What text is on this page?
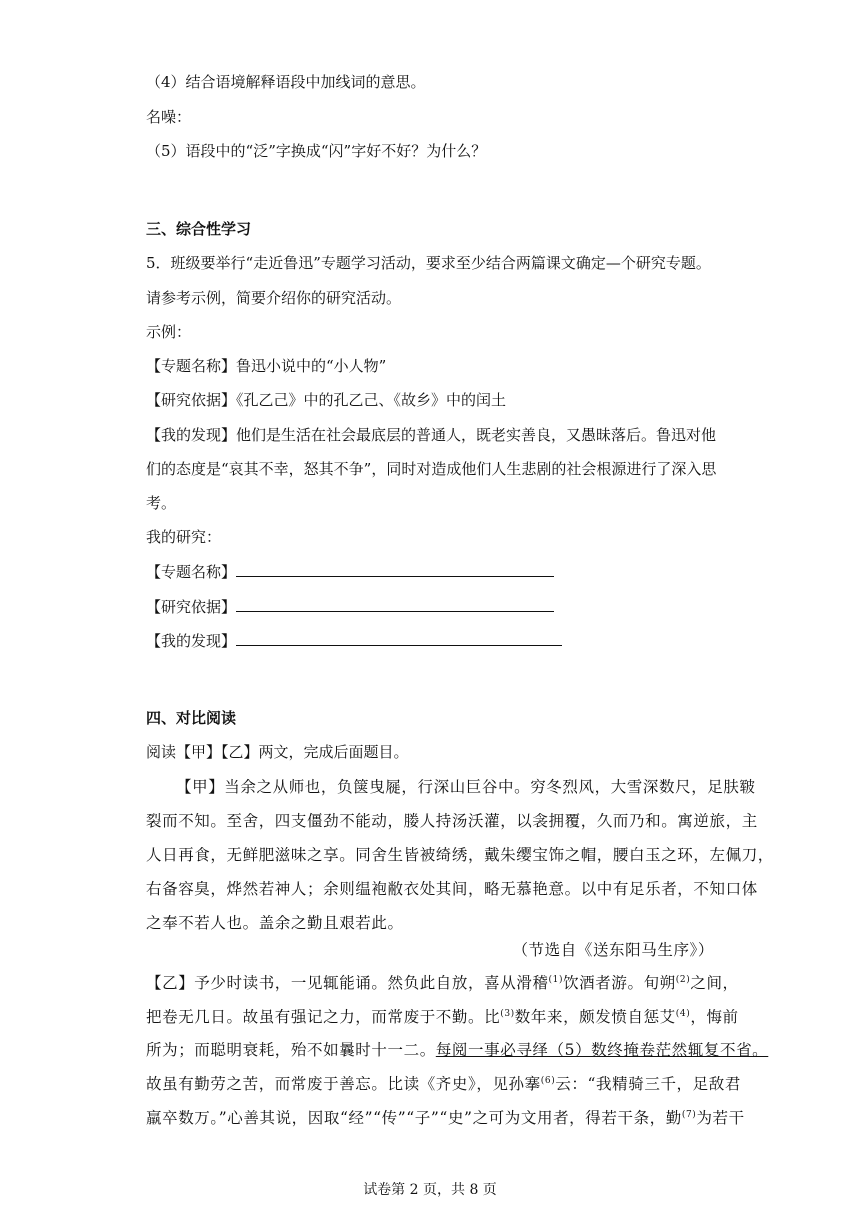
（4）结合语境解释语段中加线词的意思。
名噪：
（5）语段中的“泛”字换成“闪”字好不好？为什么？
三、综合性学习
5．班级要举行“走近鲁迅”专题学习活动，要求至少结合两篇课文确定—个研究专题。
请参考示例，简要介绍你的研究活动。
示例：
【专题名称】鲁迅小说中的“小人物”
【研究依据】《孔乙己》中的孔乙己、《故乡》中的闰土
【我的发现】他们是生活在社会最底层的普通人，既老实善良，又愚昧落后。鲁迅对他
们的态度是“哀其不幸，怒其不争”，同时对造成他们人生悲剧的社会根源进行了深入思
考。
我的研究：
【专题名称】
【研究依据】
【我的发现】
四、对比阅读
阅读【甲】【乙】两文，完成后面题目。
【甲】当余之从师也，负箧曳屣，行深山巨谷中。穷冬烈风，大雪深数尺，足肤皲
裂而不知。至舍，四支僵劲不能动，媵人持汤沃灌，以衾拥覆，久而乃和。寓逆旅，主
人日再食，无鲜肥滋味之享。同舍生皆被绮绣，戴朱缨宝饰之帽，腰白玉之环，左佩刀，
右备容臭，烨然若神人；余则缊袍敝衣处其间，略无慕艳意。以中有足乐者，不知口体
之奉不若人也。盖余之勤且艰若此。
（节选自《送东阳马生序》）
【乙】予少时读书，一见辄能诵。然负此自放，喜从滑稽$^{(1)}$饮酒者游。旬朔$^{(2)}$之间，
把卷无几日。故虽有强记之力，而常废于不勤。比$^{(3)}$数年来，颇发愤自惩艾$^{(4)}$，悔前
所为；而聪明衰耗，殆不如曩时十一二。每阅一事必寻绎（5）数终掩卷茫然辄复不省。
故虽有勤劳之苦，而常废于善忘。比读《齐史》，见孙搴$^{(6)}$云：“我精骑三千，足敌君
羸卒数万。”心善其说，因取“经”“传”“子”“史”之可为文用者，得若干条，勤$^{(7)}$为若干
试卷第 2 页，共 8 页
